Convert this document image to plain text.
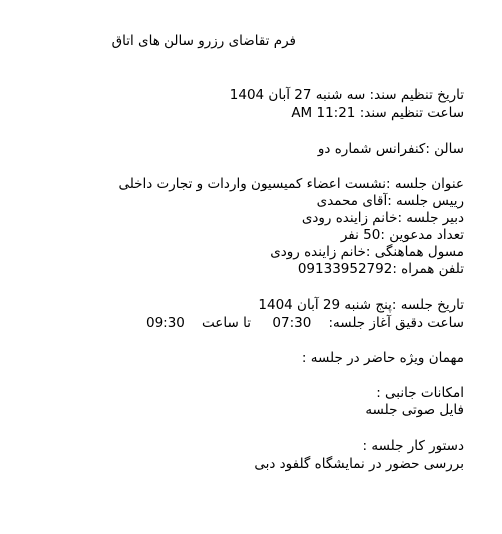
فرم تقاضای رزرو سالن های اتاق
تاریخ تنظیم سند: سه شنبه 27 آبان 1404
ساعت تنظیم سند: AM 11:21
سالن :کنفرانس شماره دو
عنوان جلسه :نشست اعضاء کمیسیون واردات و تجارت داخلی
رییس جلسه :آقای محمدی
دبیر جلسه :خانم زاینده رودی
تعداد مدعوین :50 نفر
مسول هماهنگی :خانم زاینده رودی
تلفن همراه :09133952792
تاریخ جلسه :پنج شنبه 29 آبان 1404
ساعت دقیق آغاز جلسه:    07:30     تا ساعت    09:30
مهمان ویژه حاضر در جلسه :
امکانات جانبی :
فایل صوتی جلسه
دستور کار جلسه :
بررسی حضور در نمایشگاه گلفود دبی
